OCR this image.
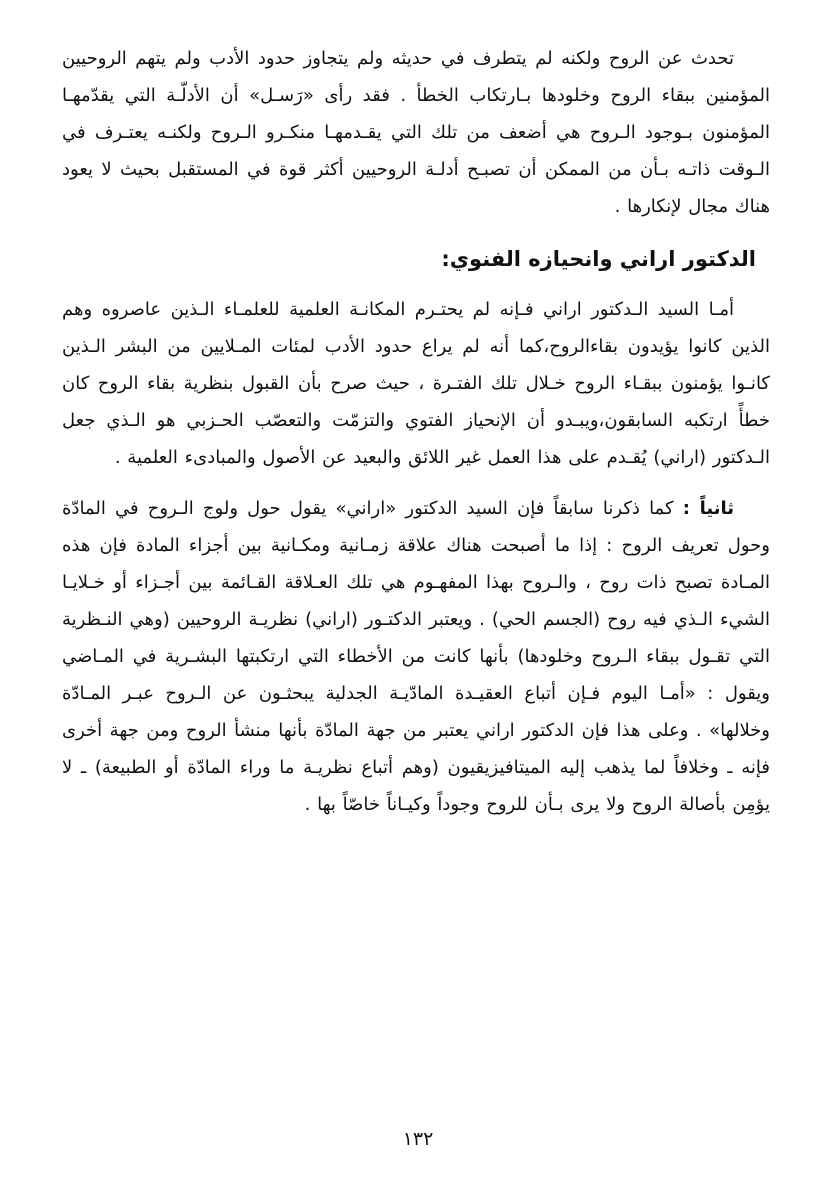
تحدث عن الروح ولكنه لم يتطرف في حديثه ولم يتجاوز حدود الأدب ولم يتهم الروحيين المؤمنين ببقاء الروح وخلودها بـارتكاب الخطأ . فقد رأى «رَسـل» أن الأدلّـة التي يقدّمهـا المؤمنون بـوجود الـروح هي أضعف من تلك التي يقـدمهـا منكـرو الـروح ولكنـه يعتـرف في الـوقت ذاتـه بـأن من الممكن أن تصبـح أدلـة الروحيين أكثر قوة في المستقبل بحيث لا يعود هناك مجال لإنكارها .

الدكتور اراني وانحيازه الفنوي:

أمـا السيد الـدكتور اراني فـإنه لم يحتـرم المكانـة العلمية للعلمـاء الـذين عاصروه وهم الذين كانوا يؤيدون بقاءالروح،كما أنه لم يراع حدود الأدب لمئات المـلايين من البشر الـذين كانـوا يؤمنون ببقـاء الروح خـلال تلك الفتـرة ، حيث صرح بأن القبول بنظرية بقاء الروح كان خطأً ارتكبه السابقون،ويبـدو أن الإنحياز الفتوي والتزمّت والتعصّب الحـزبي هو الـذي جعل الـدكتور (اراني) يُقـدم على هذا العمل غير اللائق والبعيد عن الأصول والمبادىء العلمية .

ثانياً : كما ذكرنا سابقاً فإن السيد الدكتور «اراني» يقول حول ولوج الـروح في المادّة وحول تعريف الروح : إذا ما أصبحت هناك علاقة زمـانية ومكـانية بين أجزاء المادة فإن هذه المـادة تصبح ذات روح ، والـروح بهذا المفهـوم هي تلك العـلاقة القـائمة بين أجـزاء أو خـلايـا الشيء الـذي فيه روح (الجسم الحي) . ويعتبر الدكتـور (اراني) نظريـة الروحيين (وهي النـظرية التي تقـول ببقاء الـروح وخلودها) بأنها كانت من الأخطاء التي ارتكبتها البشـرية في المـاضي ويقول : «أمـا اليوم فـإن أتباع العقيـدة المادّيـة الجدلية يبحثـون عن الـروح عبـر المـادّة وخلالها» . وعلى هذا فإن الدكتور اراني يعتبر من جهة المادّة بأنها منشأ الروح ومن جهة أخرى فإنه ـ وخلافاً لما يذهب إليه الميتافيزيقيون (وهم أتباع نظريـة ما وراء المادّة أو الطبيعة) ـ لا يؤمِن بأصالة الروح ولا يرى بـأن للروح وجوداً وكيـاناً خاصّاً بها .

١٣٢
